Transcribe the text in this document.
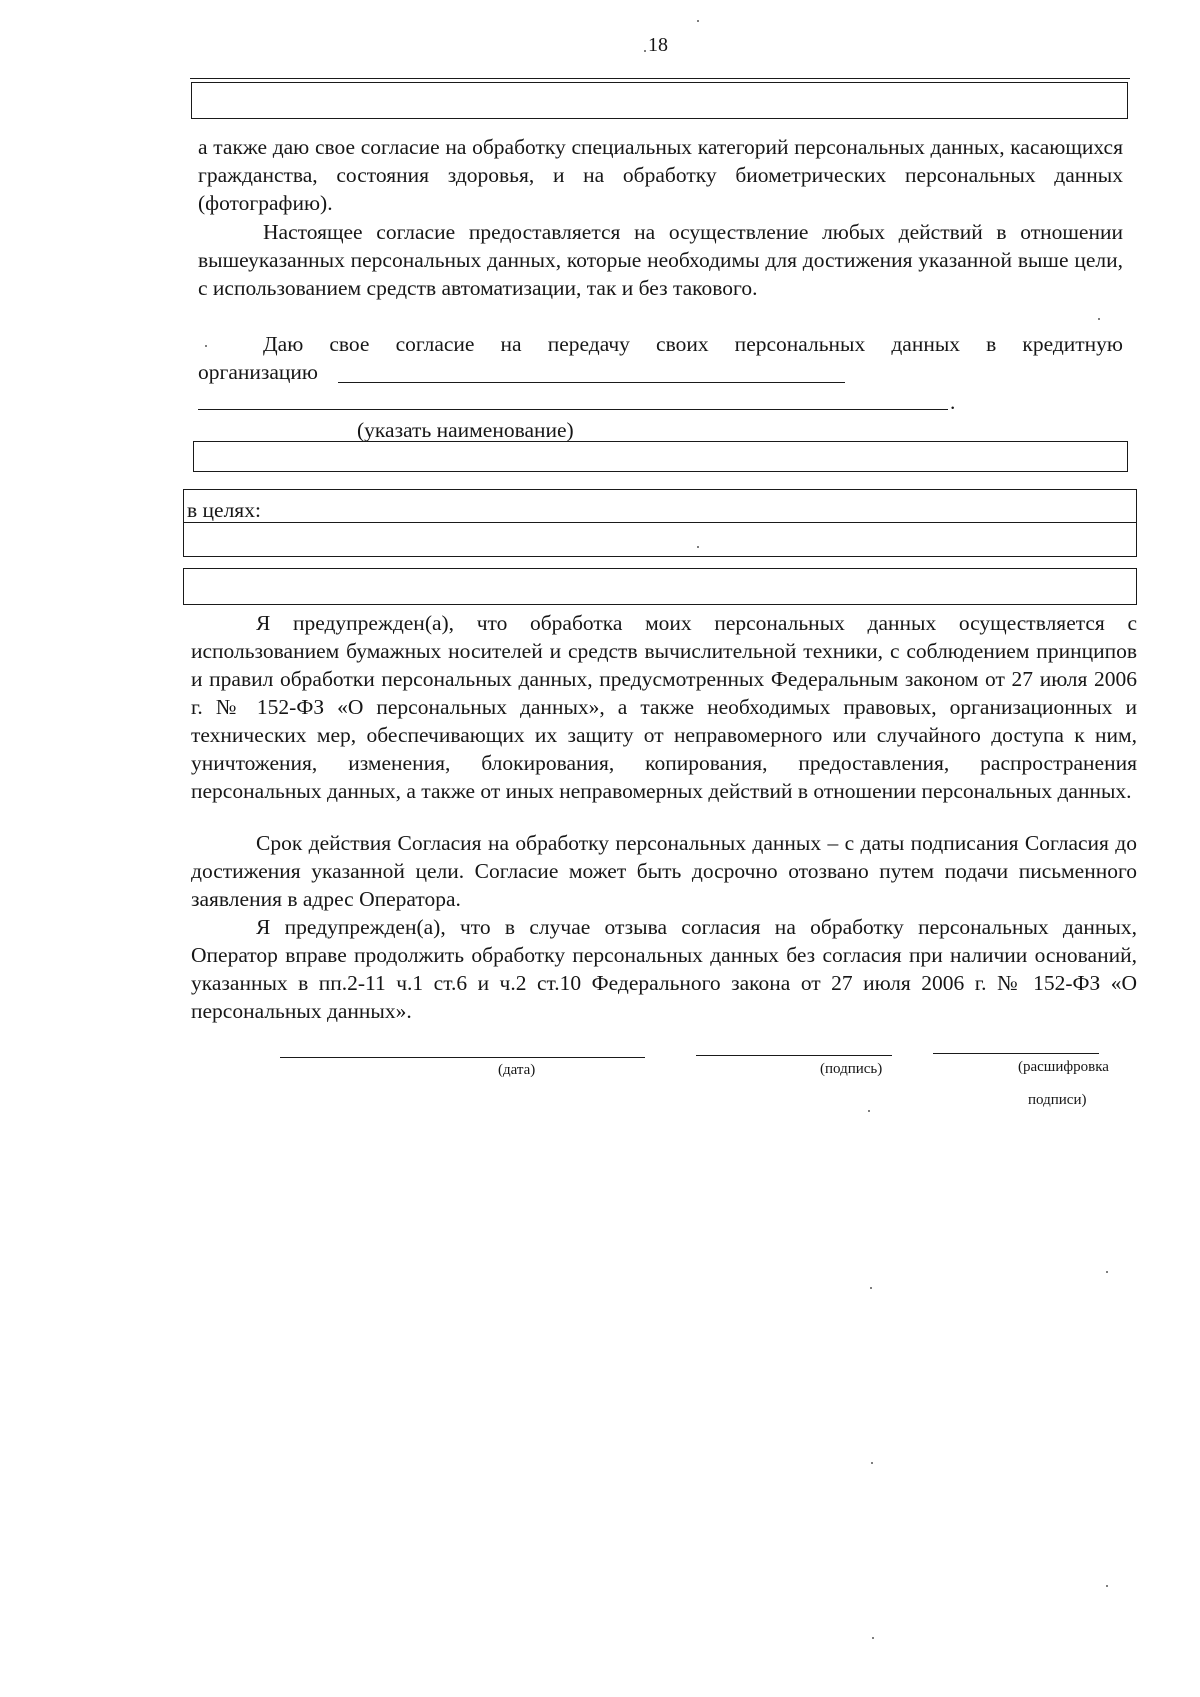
18

а также даю свое согласие на обработку специальных категорий персональных данных, касающихся гражданства, состояния здоровья, и на обработку биометрических персональных данных (фотографию).

Настоящее согласие предоставляется на осуществление любых действий в отношении вышеуказанных персональных данных, которые необходимы для достижения указанной выше цели, с использованием средств автоматизации, так и без такового.

Даю свое согласие на передачу своих персональных данных в кредитную

организацию
.
(указать наименование)
в целях:

Я предупрежден(а), что обработка моих персональных данных осуществляется с использованием бумажных носителей и средств вычислительной техники, с соблюдением принципов и правил обработки персональных данных, предусмотренных Федеральным законом от 27 июля 2006 г. № 152-ФЗ «О персональных данных», а также необходимых правовых, организационных и технических мер, обеспечивающих их защиту от неправомерного или случайного доступа к ним, уничтожения, изменения, блокирования, копирования, предоставления, распространения персональных данных, а также от иных неправомерных действий в отношении персональных данных.

Срок действия Согласия на обработку персональных данных – с даты подписания Согласия до достижения указанной цели. Согласие может быть досрочно отозвано путем подачи письменного заявления в адрес Оператора.

Я предупрежден(а), что в случае отзыва согласия на обработку персональных данных, Оператор вправе продолжить обработку персональных данных без согласия при наличии оснований, указанных в пп.2-11 ч.1 ст.6 и ч.2 ст.10 Федерального закона от 27 июля 2006 г. № 152-ФЗ «О персональных данных».

(дата)	(подпись)	(расшифровка
подписи)
